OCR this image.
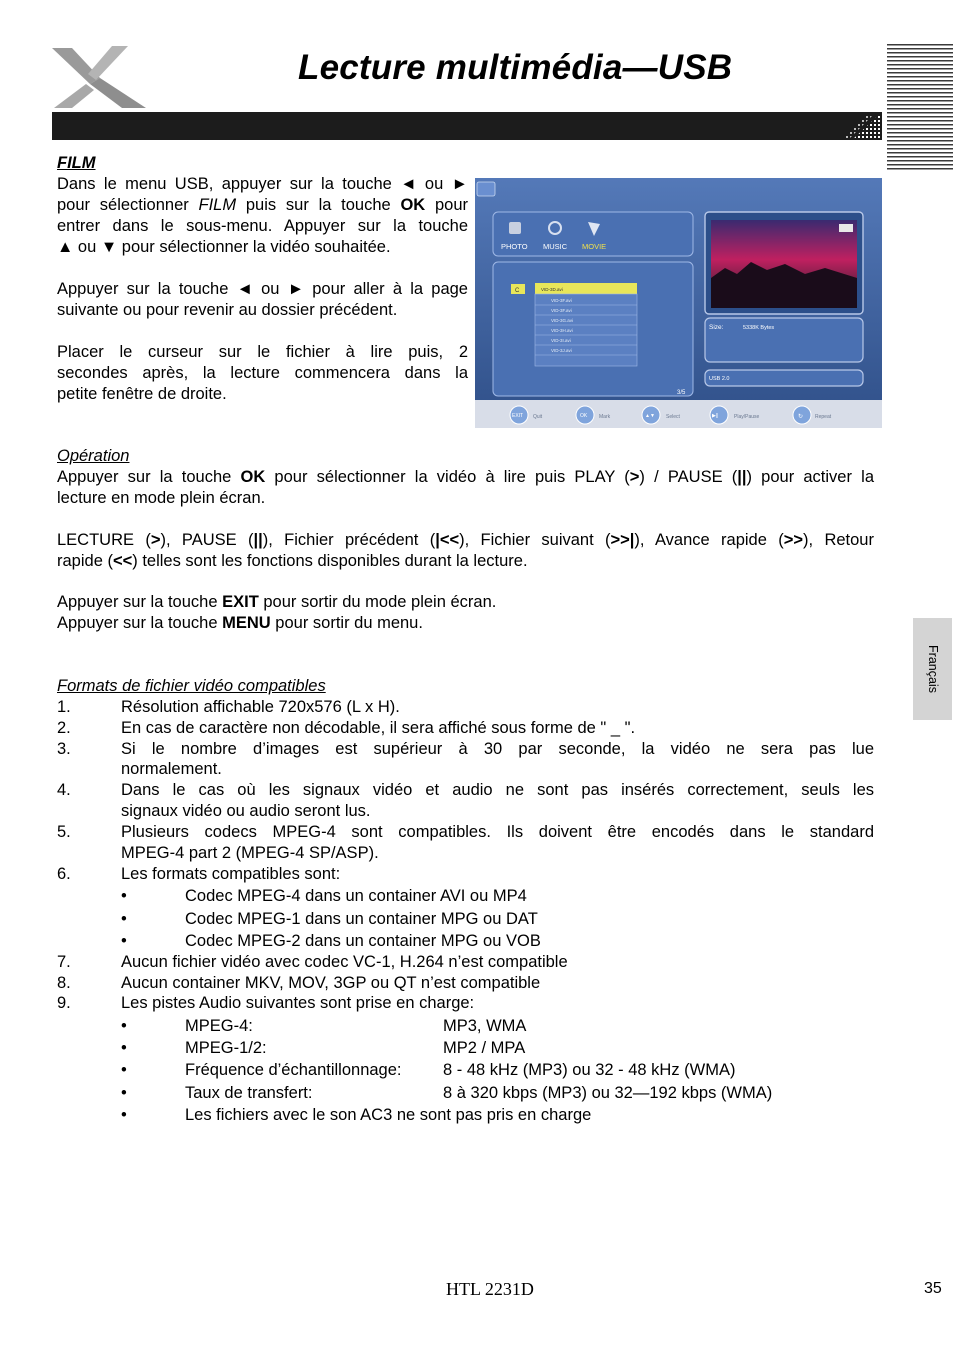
Lecture multimédia—USB
Français
FILM
Dans le menu USB, appuyer sur la touche ◄ ou ►
pour sélectionner FILM puis sur la touche OK pour
entrer dans le sous-menu. Appuyer sur la touche
▲ ou ▼ pour sélectionner la vidéo souhaitée.
Appuyer sur la touche ◄ ou ► pour aller à la page
suivante ou pour revenir au dossier précédent.
Placer le curseur sur le fichier à lire puis, 2
secondes après, la lecture commencera dans la
petite fenêtre de droite.
PHOTO MUSIC MOVIE
C	VID-3D.avi
VID-3F.avi
VID-3F.avi
VID-3G.avi
VID-3H.avi
VID-3I.avi
VID-3J.avi
3/5
Size:	5338K Bytes
USB 2.0
EXIT Quit	OK Mark	▲▼ Select	▶||	Play/Pause	↻ Repeat
Opération
Appuyer sur la touche OK pour sélectionner la vidéo à lire puis PLAY (>) / PAUSE (||) pour activer la
lecture en mode plein écran.
LECTURE (>), PAUSE (||), Fichier précédent (|<<), Fichier suivant (>>|), Avance rapide (>>), Retour
rapide (<<) telles sont les fonctions disponibles durant la lecture.
Appuyer sur la touche EXIT pour sortir du mode plein écran.
Appuyer sur la touche MENU pour sortir du menu.
Formats de fichier vidéo compatibles
1.	Résolution affichable 720x576 (L x H).
2.	En cas de caractère non décodable, il sera affiché sous forme de " _ ".
3.	Si le nombre d’images est supérieur à 30 par seconde, la vidéo ne sera pas lue
normalement.
4.	Dans le cas où les signaux vidéo et audio ne sont pas insérés correctement, seuls les
signaux vidéo ou audio seront lus.
5.	Plusieurs codecs MPEG-4 sont compatibles. Ils doivent être encodés dans le standard
MPEG-4 part 2 (MPEG-4 SP/ASP).
6.	Les formats compatibles sont:
•	Codec MPEG-4 dans un container AVI ou MP4
•	Codec MPEG-1 dans un container MPG ou DAT
•	Codec MPEG-2 dans un container MPG ou VOB
7.	Aucun fichier vidéo avec codec VC-1, H.264 n’est compatible
8.	Aucun container MKV, MOV, 3GP ou QT n’est compatible
9.	Les pistes Audio suivantes sont prise en charge:
•	MPEG-4:	MP3, WMA
•	MPEG-1/2:	MP2 / MPA
•	Fréquence d’échantillonnage:	8 - 48 kHz (MP3) ou 32 - 48 kHz (WMA)
•	Taux de transfert:	8 à 320 kbps (MP3) ou 32—192 kbps (WMA)
•	Les fichiers avec le son AC3 ne sont pas pris en charge
HTL 2231D	35
